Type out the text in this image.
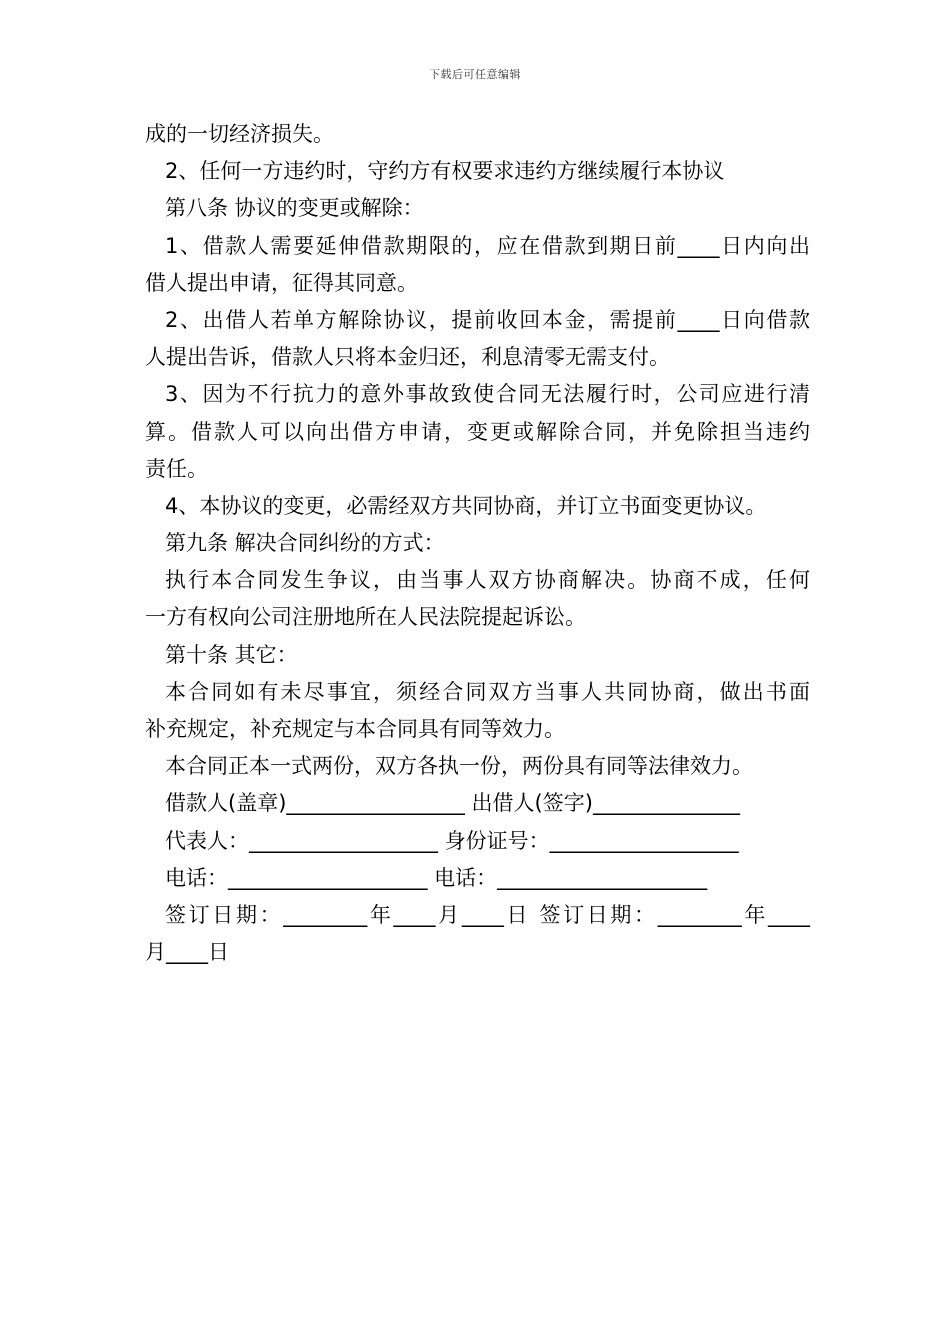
下载后可任意编辑
成的一切经济损失。
2、任何一方违约时，守约方有权要求违约方继续履行本协议
第八条 协议的变更或解除：
1、借款人需要延伸借款期限的，应在借款到期日前____日内向出
借人提出申请，征得其同意。
2、出借人若单方解除协议，提前收回本金，需提前____日向借款
人提出告诉，借款人只将本金归还，利息清零无需支付。
3、因为不行抗力的意外事故致使合同无法履行时，公司应进行清
算。借款人可以向出借方申请，变更或解除合同，并免除担当违约
责任。
4、本协议的变更，必需经双方共同协商，并订立书面变更协议。
第九条 解决合同纠纷的方式：
执行本合同发生争议，由当事人双方协商解决。协商不成，任何
一方有权向公司注册地所在人民法院提起诉讼。
第十条 其它：
本合同如有未尽事宜，须经合同双方当事人共同协商，做出书面
补充规定，补充规定与本合同具有同等效力。
本合同正本一式两份，双方各执一份，两份具有同等法律效力。
借款人(盖章)_________________ 出借人(签字)______________
代表人：__________________ 身份证号：__________________
电话：___________________ 电话：____________________
签订日期：________年____月____日 签订日期：________年____
月____日
